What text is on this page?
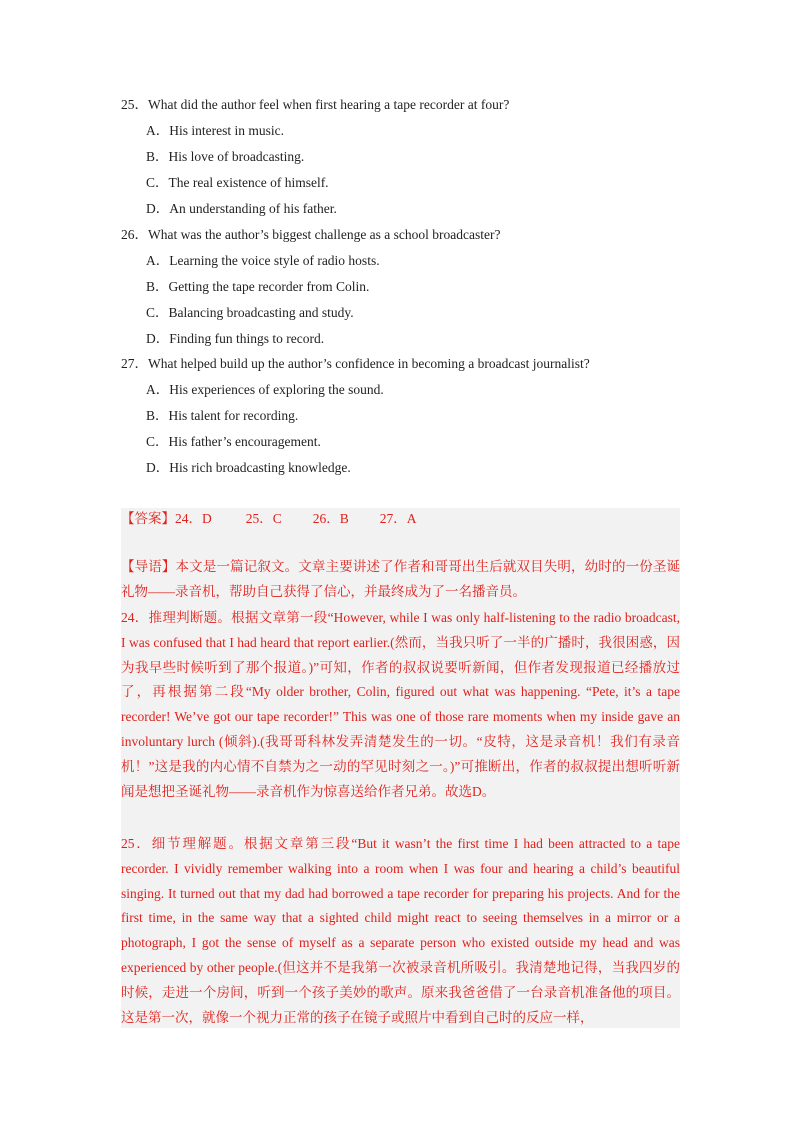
25．What did the author feel when first hearing a tape recorder at four?
A．His interest in music.
B．His love of broadcasting.
C．The real existence of himself.
D．An understanding of his father.
26．What was the author’s biggest challenge as a school broadcaster?
A．Learning the voice style of radio hosts.
B．Getting the tape recorder from Colin.
C．Balancing broadcasting and study.
D．Finding fun things to record.
27．What helped build up the author’s confidence in becoming a broadcast journalist?
A．His experiences of exploring the sound.
B．His talent for recording.
C．His father’s encouragement.
D．His rich broadcasting knowledge.
【答案】24．D	25．C 26．B 27．A
【导语】本文是一篇记叙文。文章主要讲述了作者和哥哥出生后就双目失明，幼时的一份圣诞礼物——录音机，帮助自己获得了信心，并最终成为了一名播音员。
24．推理判断题。根据文章第一段“However, while I was only half-listening to the radio broadcast, I was confused that I had heard that report earlier.(然而，当我只听了一半的广播时，我很困惑，因为我早些时候听到了那个报道。)”可知，作者的叔叔说要听新闻，但作者发现报道已经播放过了，再根据第二段“My older brother, Colin, figured out what was happening. “Pete, it’s a tape recorder! We’ve got our tape recorder!” This was one of those rare moments when my inside gave an involuntary lurch (倾斜).(我哥哥科林发弄清楚发生的一切。“皮特，这是录音机！我们有录音机！”这是我的内心情不自禁为之一动的罕见时刻之一。)”可推断出，作者的叔叔提出想听听新闻是想把圣诞礼物——录音机作为惊喜送给作者兄弟。故选D。
25．细节理解题。根据文章第三段“But it wasn’t the first time I had been attracted to a tape recorder. I vividly remember walking into a room when I was four and hearing a child’s beautiful singing. It turned out that my dad had borrowed a tape recorder for preparing his projects. And for the first time, in the same way that a sighted child might react to seeing themselves in a mirror or a photograph, I got the sense of myself as a separate person who existed outside my head and was experienced by other people.(但这并不是我第一次被录音机所吸引。我清楚地记得，当我四岁的时候，走进一个房间，听到一个孩子美妙的歌声。原来我爸爸借了一台录音机准备他的项目。这是第一次，就像一个视力正常的孩子在镜子或照片中看到自己时的反应一样，
